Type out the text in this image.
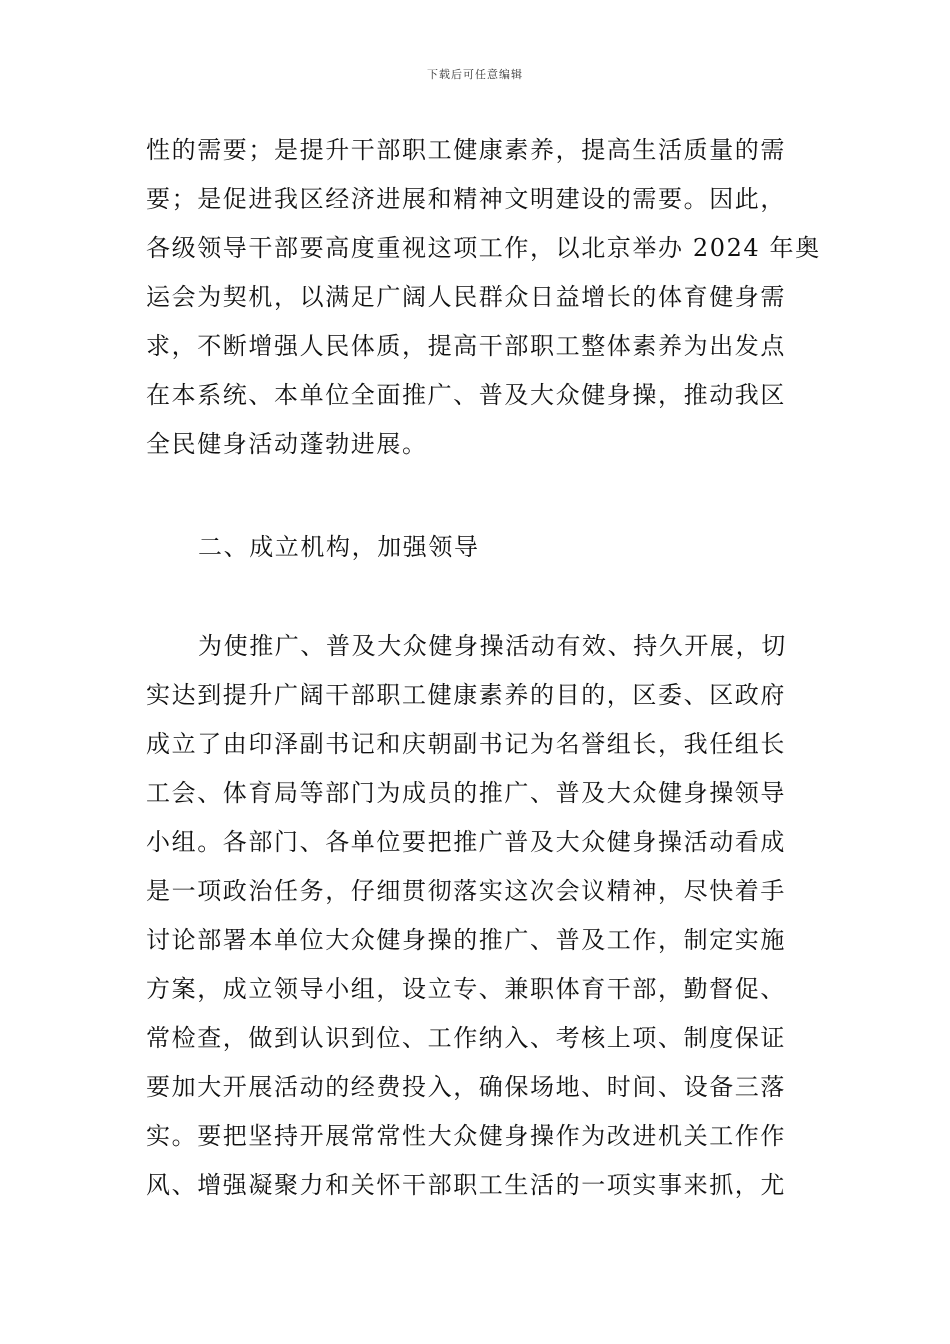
下载后可任意编辑
性的需要；是提升干部职工健康素养，提高生活质量的需
要；是促进我区经济进展和精神文明建设的需要。因此，
各级领导干部要高度重视这项工作，以北京举办 2024 年奥
运会为契机，以满足广阔人民群众日益增长的体育健身需
求，不断增强人民体质，提高干部职工整体素养为出发点
在本系统、本单位全面推广、普及大众健身操，推动我区
全民健身活动蓬勃进展。
二、成立机构，加强领导
为使推广、普及大众健身操活动有效、持久开展，切
实达到提升广阔干部职工健康素养的目的，区委、区政府
成立了由印泽副书记和庆朝副书记为名誉组长，我任组长
工会、体育局等部门为成员的推广、普及大众健身操领导
小组。各部门、各单位要把推广普及大众健身操活动看成
是一项政治任务，仔细贯彻落实这次会议精神，尽快着手
讨论部署本单位大众健身操的推广、普及工作，制定实施
方案，成立领导小组，设立专、兼职体育干部，勤督促、
常检查，做到认识到位、工作纳入、考核上项、制度保证
要加大开展活动的经费投入，确保场地、时间、设备三落
实。要把坚持开展常常性大众健身操作为改进机关工作作
风、增强凝聚力和关怀干部职工生活的一项实事来抓，尤
